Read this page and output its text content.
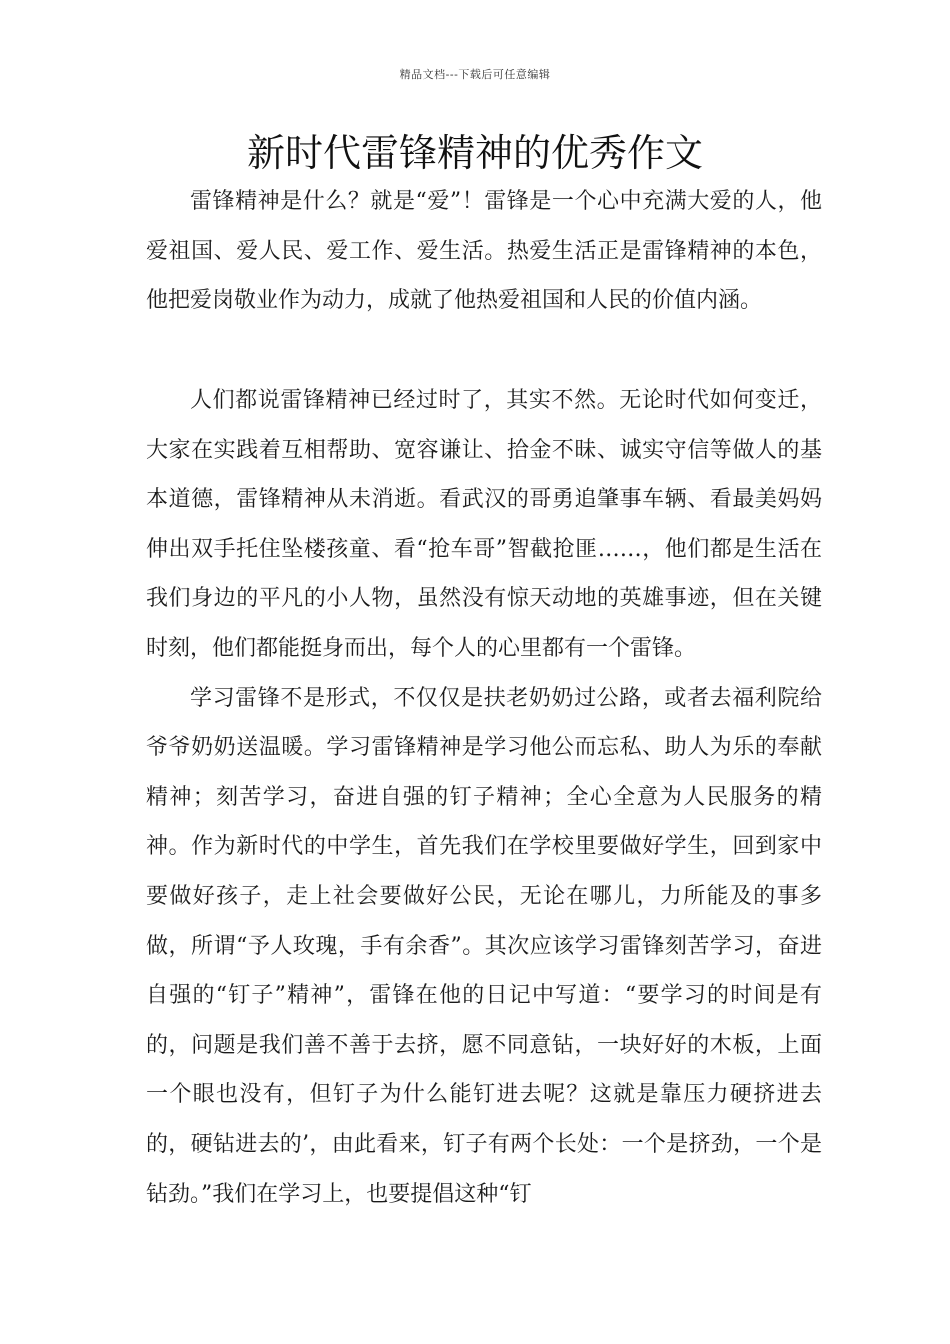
精品文档---下载后可任意编辑
新时代雷锋精神的优秀作文

雷锋精神是什么？就是“爱”！雷锋是一个心中充满大爱的人，他爱祖国、爱人民、爱工作、爱生活。热爱生活正是雷锋精神的本色，他把爱岗敬业作为动力，成就了他热爱祖国和人民的价值内涵。

人们都说雷锋精神已经过时了，其实不然。无论时代如何变迁，大家在实践着互相帮助、宽容谦让、拾金不昧、诚实守信等做人的基本道德，雷锋精神从未消逝。看武汉的哥勇追肇事车辆、看最美妈妈伸出双手托住坠楼孩童、看“抢车哥”智截抢匪……，他们都是生活在我们身边的平凡的小人物，虽然没有惊天动地的英雄事迹，但在关键时刻，他们都能挺身而出，每个人的心里都有一个雷锋。

学习雷锋不是形式，不仅仅是扶老奶奶过公路，或者去福利院给爷爷奶奶送温暖。学习雷锋精神是学习他公而忘私、助人为乐的奉献精神；刻苦学习，奋进自强的钉子精神；全心全意为人民服务的精神。作为新时代的中学生，首先我们在学校里要做好学生，回到家中要做好孩子，走上社会要做好公民，无论在哪儿，力所能及的事多做，所谓“予人玫瑰，手有余香”。其次应该学习雷锋刻苦学习，奋进自强的“钉子”精神”，雷锋在他的日记中写道：“要学习的时间是有的，问题是我们善不善于去挤，愿不同意钻，一块好好的木板，上面一个眼也没有，但钉子为什么能钉进去呢？这就是靠压力硬挤进去的，硬钻进去的’，由此看来，钉子有两个长处：一个是挤劲，一个是钻劲。”我们在学习上，也要提倡这种“钉
